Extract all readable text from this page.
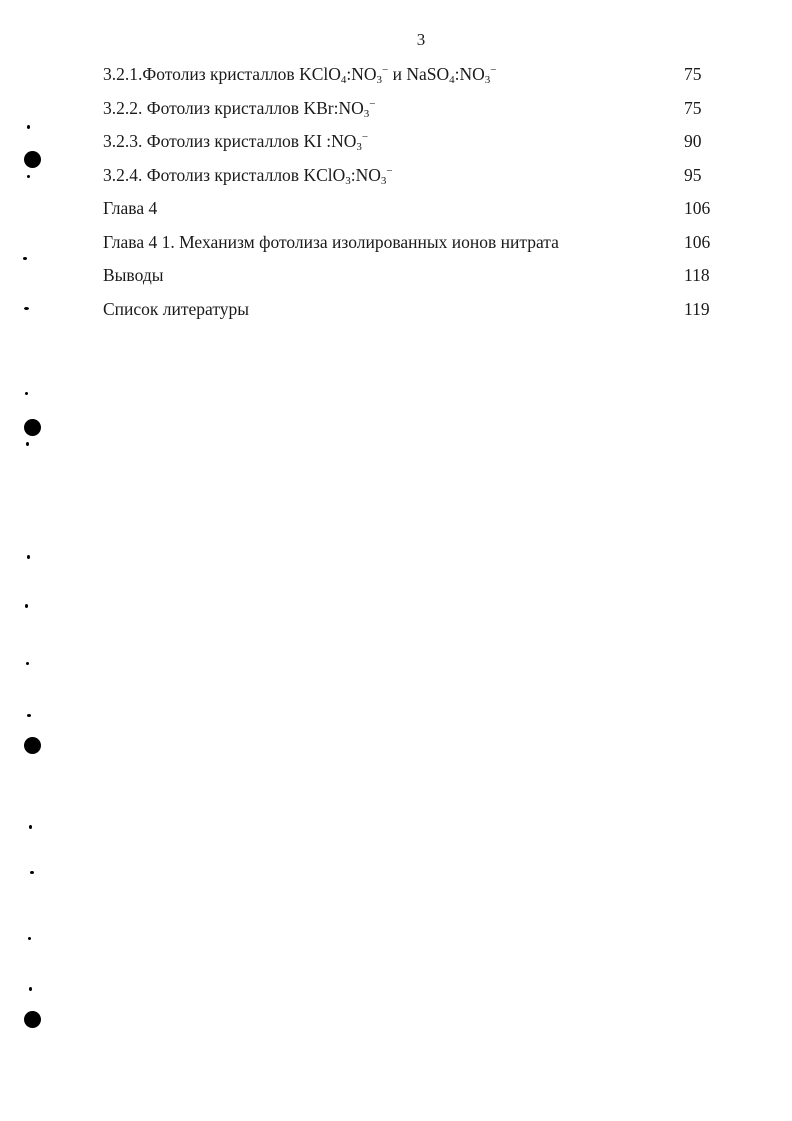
3
3.2.1.Фотолиз кристаллов $KClO_4:NO_3^-$ и $NaSO_4:NO_3^-$	75
3.2.2. Фотолиз кристаллов $KBr:NO_3^-$	75
3.2.3. Фотолиз кристаллов KI $:NO_3^-$	90
3.2.4. Фотолиз кристаллов $KClO_3:NO_3^-$	95
Глава 4	106
Глава 4 1. Механизм фотолиза изолированных ионов нитрата	106
Выводы	118
Список литературы	119
